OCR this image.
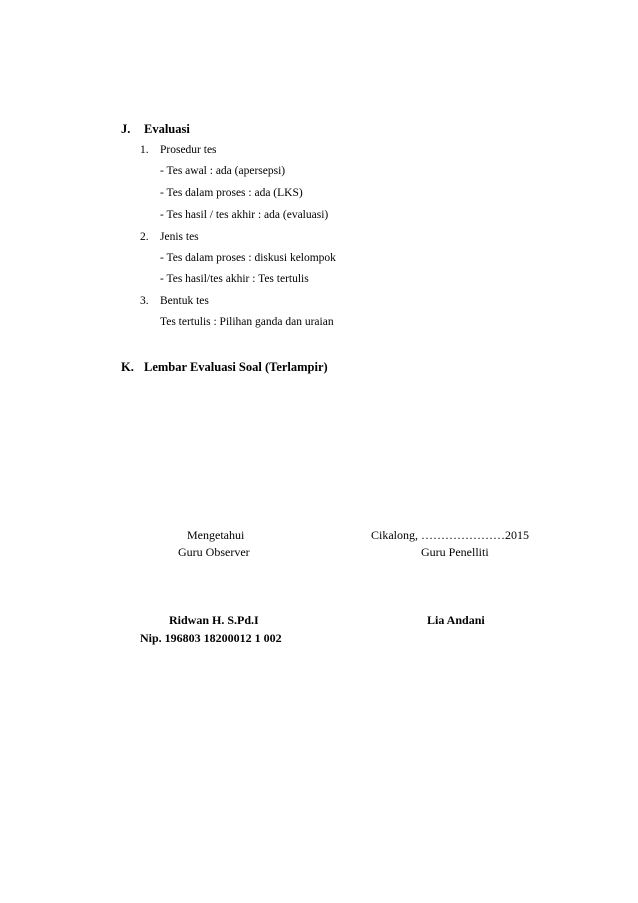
J. Evaluasi
1. Prosedur tes
- Tes awal : ada (apersepsi)
- Tes dalam proses : ada (LKS)
- Tes hasil / tes akhir : ada (evaluasi)
2. Jenis tes
- Tes dalam proses : diskusi kelompok
- Tes hasil/tes akhir : Tes tertulis
3. Bentuk tes
Tes tertulis : Pilihan ganda dan uraian
K. Lembar Evaluasi Soal (Terlampir)
Mengetahui
Guru Observer
Cikalong, …………………2015
Guru Penelliti
Ridwan H. S.Pd.I
Nip. 196803 18200012 1 002
Lia Andani
